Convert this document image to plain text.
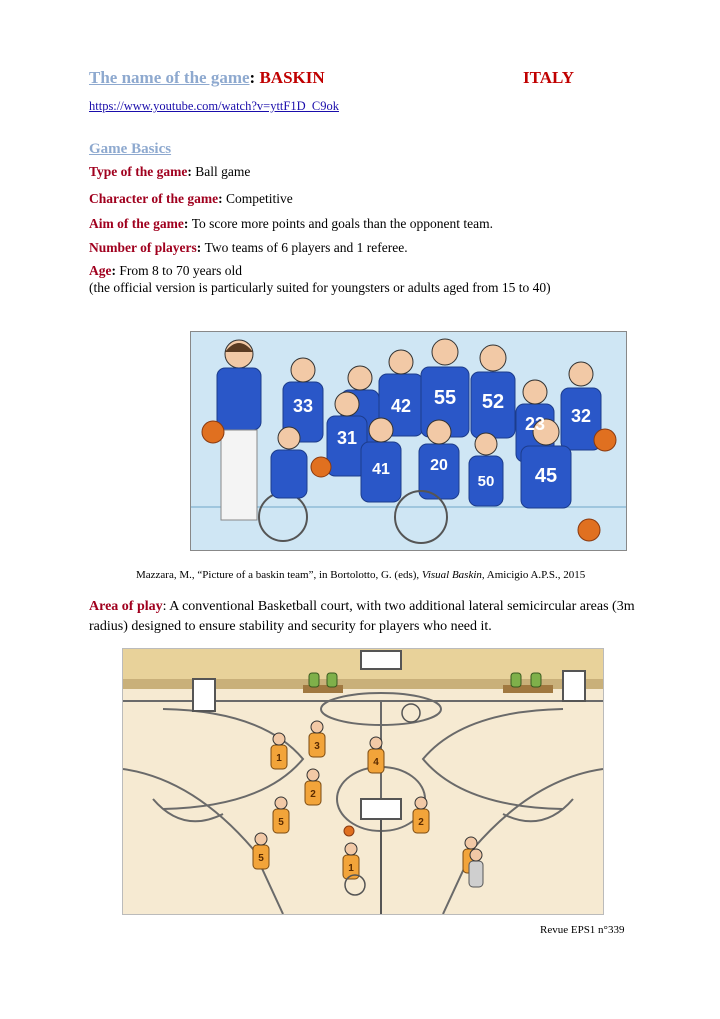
The name of the game: BASKIN	ITALY
https://www.youtube.com/watch?v=yttF1D_C9ok
Game Basics
Type of the game: Ball game
Character of the game: Competitive
Aim of the game: To score more points and goals than the opponent team.
Number of players: Two teams of 6 players and 1 referee.
Age: From 8 to 70 years old
(the official version is particularly suited for youngsters or adults aged from 15 to 40)
33	55 52
42
31
23 32
41	20
50 45
Mazzara, M., “Picture of a baskin team”, in Bortolotto, G. (eds), Visual Baskin, Amicigio A.P.S., 2015
Area of play: A conventional Basketball court, with two additional lateral semicircular areas (3m radius) designed to ensure stability and security for players who need it.
1
3
5
2
4
1
5
2
Revue EPS1 n°339
